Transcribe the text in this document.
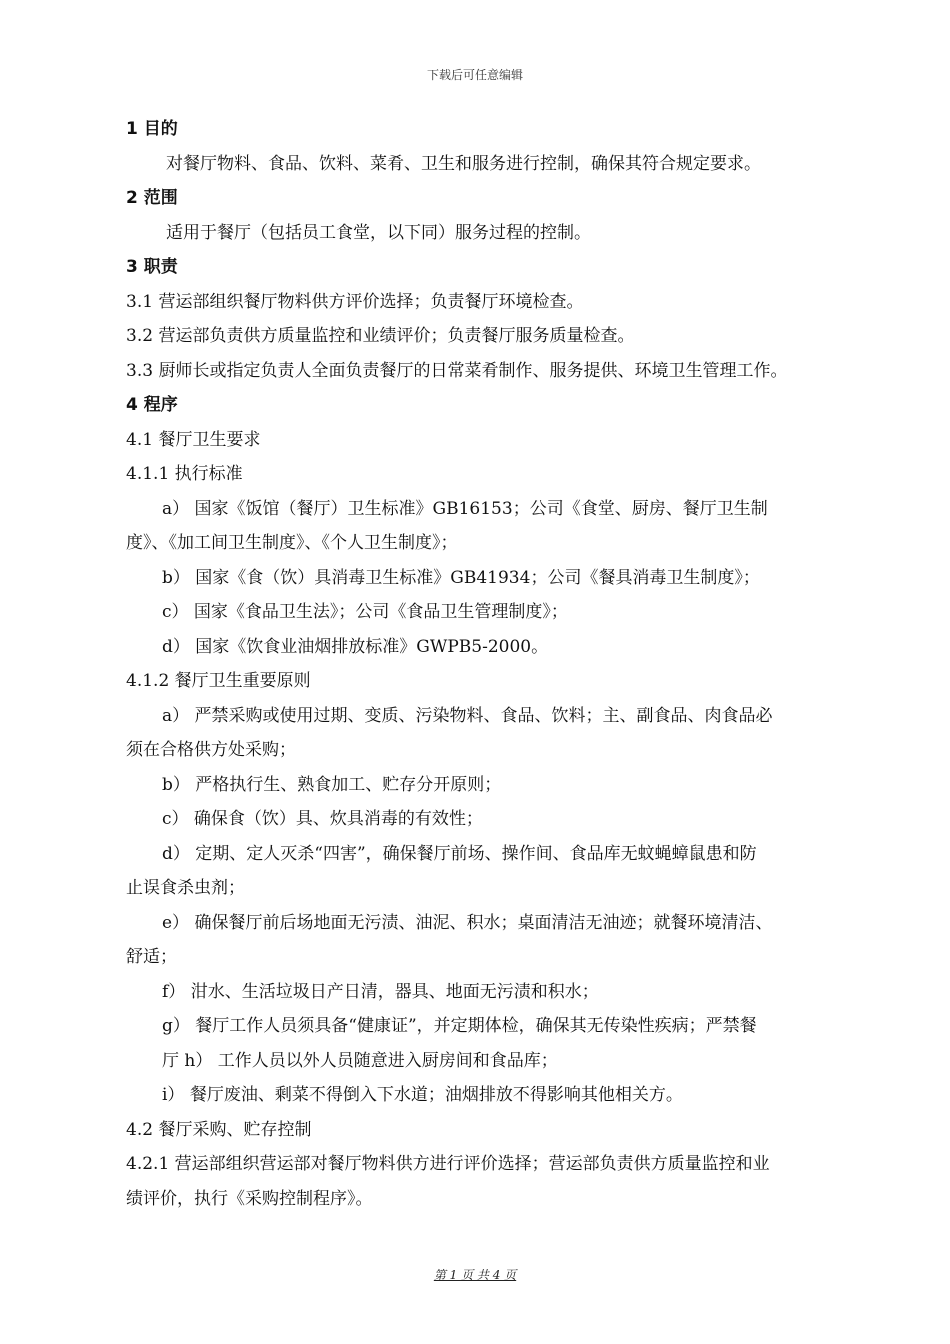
下载后可任意编辑

1 目的

对餐厅物料、食品、饮料、菜肴、卫生和服务进行控制，确保其符合规定要求。

2 范围

适用于餐厅（包括员工食堂，以下同）服务过程的控制。

3 职责

3.1 营运部组织餐厅物料供方评价选择；负责餐厅环境检查。

3.2 营运部负责供方质量监控和业绩评价；负责餐厅服务质量检查。

3.3 厨师长或指定负责人全面负责餐厅的日常菜肴制作、服务提供、环境卫生管理工作。

4 程序

4.1 餐厅卫生要求

4.1.1 执行标准

a） 国家《饭馆（餐厅）卫生标准》GB16153；公司《食堂、厨房、餐厅卫生制

度》、《加工间卫生制度》、《个人卫生制度》；

b） 国家《食（饮）具消毒卫生标准》GB41934；公司《餐具消毒卫生制度》；

c） 国家《食品卫生法》；公司《食品卫生管理制度》；

d） 国家《饮食业油烟排放标准》GWPB5-2000。

4.1.2 餐厅卫生重要原则

a） 严禁采购或使用过期、变质、污染物料、食品、饮料；主、副食品、肉食品必

须在合格供方处采购；

b） 严格执行生、熟食加工、贮存分开原则；

c） 确保食（饮）具、炊具消毒的有效性；

d） 定期、定人灭杀“四害”，确保餐厅前场、操作间、食品库无蚊蝇蟑鼠患和防

止误食杀虫剂；

e） 确保餐厅前后场地面无污渍、油泥、积水；桌面清洁无油迹；就餐环境清洁、

舒适；

f） 泔水、生活垃圾日产日清，器具、地面无污渍和积水；

g） 餐厅工作人员须具备“健康证”，并定期体检，确保其无传染性疾病；严禁餐

厅 h） 工作人员以外人员随意进入厨房间和食品库；

i） 餐厅废油、剩菜不得倒入下水道；油烟排放不得影响其他相关方。

4.2 餐厅采购、贮存控制

4.2.1 营运部组织营运部对餐厅物料供方进行评价选择；营运部负责供方质量监控和业

绩评价，执行《采购控制程序》。

第 1 页 共 4 页
